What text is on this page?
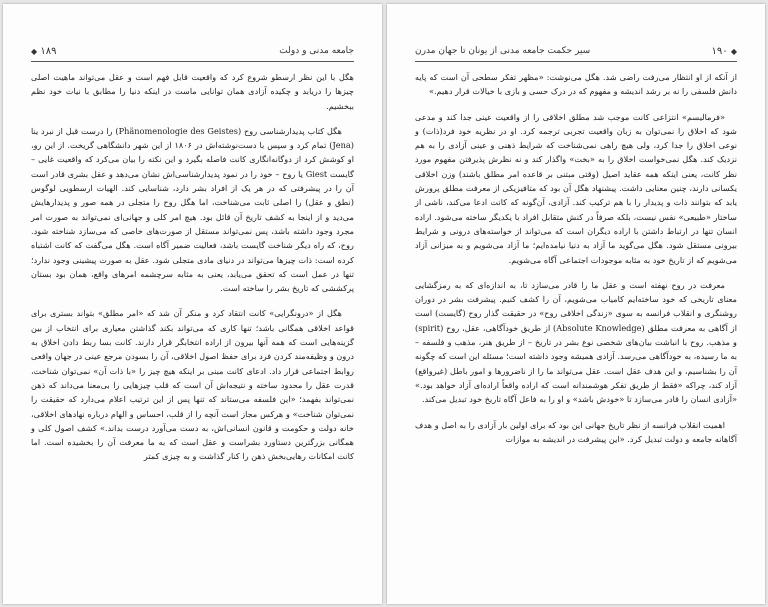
◆ ۱۸۹	جامعه مدنی و دولت

هگل با این نظر ارسطو شروع کرد که واقعیت قابل فهم است و عقل می‌تواند ماهیت اصلی چیزها را دریابد و چکیده آزادی همان توانایی ماست در اینکه دنیا را مطابق با نیات خود نظم ببخشیم.

هگل کتاب پدیدارشناسی روح (Phänomenologie des Geistes) را درست قبل از نبرد ینا (Jena) تمام کرد و سپس با دست‌نوشته‌اش در ۱۸۰۶ از این شهر دانشگاهی گریخت. از این رو، او کوشش کرد از دوگانه‌انگاری کانت فاصله بگیرد و این نکته را بیان می‌کرد که واقعیت غایی – گایست Giest یا روح – خود را در نمود پدیدارشناسی‌اش نشان می‌دهد و عقل بشری قادر است آن را در پیشرفتی که در هر یک از افراد بشر دارد، شناسایی کند. الهیات ارسطویی لوگوس (نطق و عقل) را اصلی ثابت می‌شناخت، اما هگل روح را متجلی در همه صور و پدیدارهایش می‌دید و از اینجا به کشف تاریخ آن قائل بود. هیچ امر کلی و جهانی‌ای نمی‌تواند به صورت امر مجرد وجود داشته باشد، پس نمی‌تواند مستقل از صورت‌های خاصی که می‌سازد شناخته شود. روح، که راه دیگر شناخت گایست باشد، فعالیت ضمیر آگاه است. هگل می‌گفت که کانت اشتباه کرده است: ذات چیزها می‌تواند در دنیای مادی متجلی شود. عقل به صورت پیشینی وجود ندارد؛ تنها در عمل است که تحقق می‌یابد، یعنی به مثابه سرچشمه امرهای واقع، همان بود بستان پرکششی که تاریخ بشر را ساخته است.

هگل از «درونگرایی» کانت انتقاد کرد و منکر آن شد که «امر مطلق» بتواند بستری برای قواعد اخلاقی همگانی باشد؛ تنها کاری که می‌تواند بکند گذاشتن معیاری برای انتخاب از بین گزینه‌هایی است که همه آنها بیرون از اراده انتخابگر قرار دارند. کانت بسا ربط دادن اخلاق به درون و وظیفه‌مند کردن فرد برای حفظ اصول اخلاقی، آن را بسودن مرجع عینی در جهان واقعی روابط اجتماعی قرار داد. ادعای کانت مبنی بر اینکه هیچ چیز را «با ذات آن» نمی‌توان شناخت، قدرت عقل را محدود ساخته و نتیجه‌اش آن است که قلب چیزهایی را بی‌معنا می‌داند که ذهن نمی‌تواند بفهمد؛ «این فلسفه می‌ستاند که تنها پس از این ترتیب اعلام می‌دارد که حقیقت را نمی‌توان شناخت» و هرکس مجاز است آنچه را از قلب، احساس و الهام درباره نهادهای اخلاقی، خانه دولت و حکومت و قانون انسانی‌اش، به دست می‌آورد درست بداند.» کشف اصول کلی و همگانی بزرگترین دستاورد بشراست و عقل است که به ما معرفت آن را بخشیده است. اما کانت امکانات رهایی‌بخش ذهن را کنار گذاشت و به چیزی کمتر

۱۹۰ ◆
سیر حکمت جامعه مدنی از یونان تا جهان مدرن

از آنکه از او انتظار می‌رفت راضی شد. هگل می‌نوشت: «مظهر تفکر سطحی آن است که پایه دانش فلسفی را نه بر رشد اندیشه و مفهوم که در درک حسی و بازی با خیالات قرار دهیم.»

«فرمالیسم» انتزاعی کانت موجب شد مطلق اخلاقی را از واقعیت عینی جدا کند و مدعی شود که اخلاق را نمی‌توان به زبان واقعیت تجربی ترجمه کرد. او در نظریه خود فرد(ذات) و نوعی اخلاق را جدا کرد، ولی هیچ راهی نمی‌شناخت که شرایط ذهنی و عینی آزادی را به هم نزدیک کند. هگل نمی‌خواست اخلاق را به «بخت» واگذار کند و نه نظرش پذیرفتن مفهوم مورد نظر کانت، یعنی اینکه همه عقاید اصیل (وقتی مبتنی بر قاعده امر مطلق باشند) وزن اخلاقی یکسانی دارند، چنین معنایی داشت. پیشنهاد هگل آن بود که متافیزیکی از معرفت مطلق پرورش یابد که بتوانند ذات و پدیدار را با هم ترکیب کند. آزادی، آن‌گونه که کانت ادعا می‌کند، ناشی از ساختار «طبیعی» نفس نیست، بلکه صرفاً در کنش متقابل افراد با یکدیگر ساخته می‌شود. اراده انسان تنها در ارتباط داشتن با اراده دیگران است که می‌تواند از خواسته‌های درونی و شرایط بیرونی مستقل شود. هگل می‌گوید ما آزاد به دنیا نیامده‌ایم؛ ما آزاد می‌شویم و به میزانی آزاد می‌شویم که از تاریخ خود به مثابه موجودات اجتماعی آگاه می‌شویم.

معرفت در روح نهفته است و عقل ما را قادر می‌سازد تا، به اندازه‌ای که به رمزگشایی معنای تاریخی که خود ساخته‌ایم کامیاب می‌شویم، آن را کشف کنیم. پیشرفت بشر در دوران روشنگری و انقلاب فرانسه به سوی «زندگی اخلاقی روح» در حقیقت گذار روح (گایست) است از آگاهی به معرفت مطلق (Absolute Knowledge) از طریق خودآگاهی، عقل، روح (spirit) و مذهب. روح با انباشت بیان‌های شخصی نوع بشر در تاریخ – از طریق هنر، مذهب و فلسفه – به ما رسیده، به خودآگاهی می‌رسد. آزادی همیشه وجود داشته است؛ مسئله این است که چگونه آن را بشناسیم، و این هدف عقل است. عقل می‌تواند ما را از ناضرورها و امور باطل (غیرواقع) آزاد کند، چراکه «فقط از طریق تفکر هوشمندانه است که اراده واقعاً اراده‌ای آزاد خواهد بود.» «آزادی انسان را قادر می‌سازد تا «خودش باشد» و او را به فاعل آگاه تاریخ خود تبدیل می‌کند.

اهمیت انقلاب فرانسه از نظر تاریخ جهانی این بود که برای اولین بار آزادی را به اصل و هدف آگاهانه جامعه و دولت تبدیل کرد. «این پیشرفت در اندیشه به موازات
